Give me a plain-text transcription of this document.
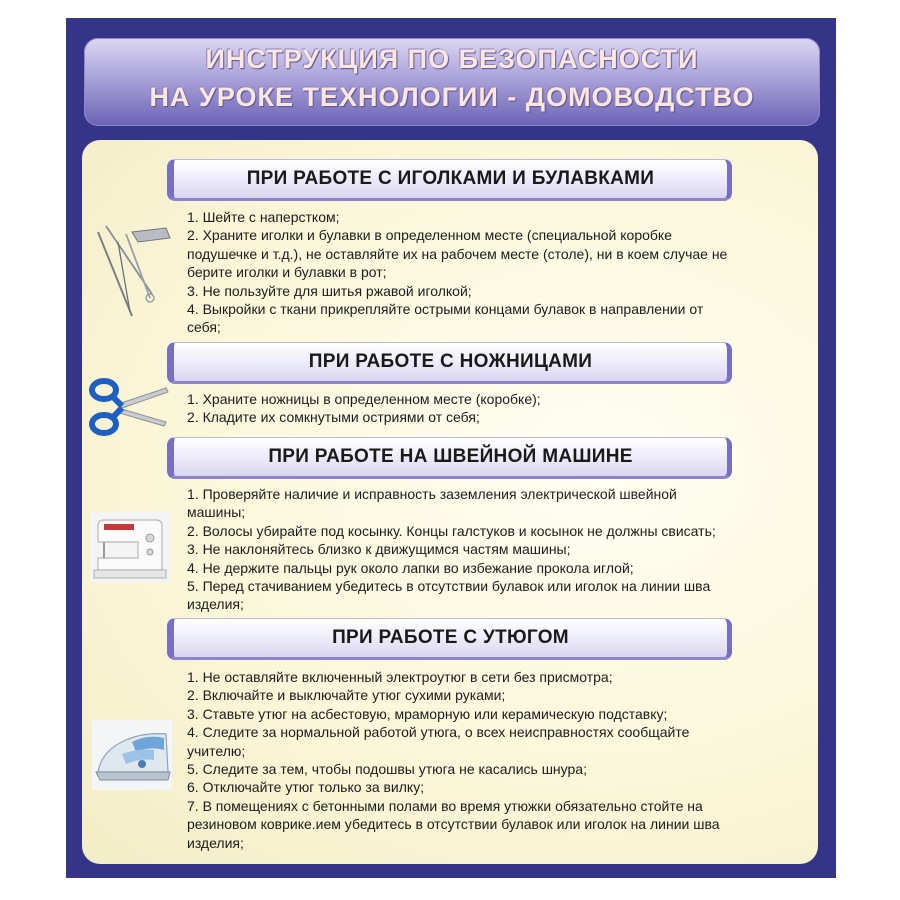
ИНСТРУКЦИЯ ПО БЕЗОПАСНОСТИ
НА УРОКЕ ТЕХНОЛОГИИ - ДОМОВОДСТВО
ПРИ РАБОТЕ С ИГОЛКАМИ И БУЛАВКАМИ
1. Шейте с наперстком;
2. Храните иголки и булавки в определенном месте (специальной коробке
подушечке и т.д.), не оставляйте их на рабочем месте (столе), ни в коем случае не
берите иголки и булавки в рот;
3. Не пользуйте для шитья ржавой иголкой;
4. Выкройки с ткани прикрепляйте острыми концами булавок в направлении от
себя;
ПРИ РАБОТЕ С НОЖНИЦАМИ
1. Храните ножницы в определенном месте (коробке);
2. Кладите их сомкнутыми остриями от себя;
ПРИ РАБОТЕ НА ШВЕЙНОЙ МАШИНЕ
1. Проверяйте наличие и исправность заземления электрической швейной
машины;
2. Волосы убирайте под косынку. Концы галстуков и косынок не должны свисать;
3. Не наклоняйтесь близко к движущимся частям машины;
4. Не держите пальцы рук около лапки во избежание прокола иглой;
5. Перед стачиванием убедитесь в отсутствии булавок или иголок на линии шва
изделия;
ПРИ РАБОТЕ С УТЮГОМ
1. Не оставляйте включенный электроутюг в сети без присмотра;
2. Включайте и выключайте утюг сухими руками;
3. Ставьте утюг на асбестовую, мраморную или керамическую подставку;
4. Следите за нормальной работой утюга, о всех неисправностях сообщайте
учителю;
5. Следите за тем, чтобы подошвы утюга не касались шнура;
6. Отключайте утюг только за вилку;
7. В помещениях с бетонными полами во время утюжки обязательно стойте на
резиновом коврике.ием убедитесь в отсутствии булавок или иголок на линии шва
изделия;
